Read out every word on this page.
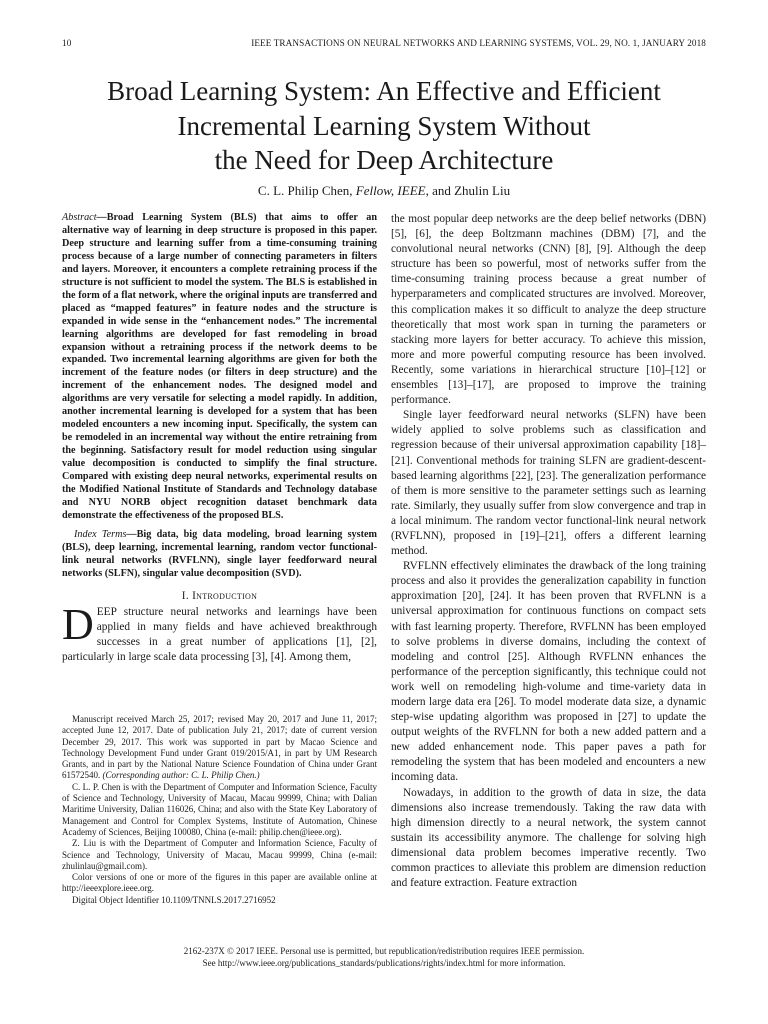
10	IEEE TRANSACTIONS ON NEURAL NETWORKS AND LEARNING SYSTEMS, VOL. 29, NO. 1, JANUARY 2018
Broad Learning System: An Effective and Efficient
Incremental Learning System Without
the Need for Deep Architecture
C. L. Philip Chen, Fellow, IEEE, and Zhulin Liu

Abstract—Broad Learning System (BLS) that aims to offer an alternative way of learning in deep structure is proposed in this paper. Deep structure and learning suffer from a time-consuming training process because of a large number of connecting parameters in filters and layers. Moreover, it encounters a complete retraining process if the structure is not sufficient to model the system. The BLS is established in the form of a flat network, where the original inputs are transferred and placed as “mapped features” in feature nodes and the structure is expanded in wide sense in the “enhancement nodes.” The incremental learning algorithms are developed for fast remodeling in broad expansion without a retraining process if the network deems to be expanded. Two incremental learning algorithms are given for both the increment of the feature nodes (or filters in deep structure) and the increment of the enhancement nodes. The designed model and algorithms are very versatile for selecting a model rapidly. In addition, another incremental learning is developed for a system that has been modeled encounters a new incoming input. Specifically, the system can be remodeled in an incremental way without the entire retraining from the beginning. Satisfactory result for model reduction using singular value decomposition is conducted to simplify the final structure. Compared with existing deep neural networks, experimental results on the Modified National Institute of Standards and Technology database and NYU NORB object recognition dataset benchmark data demonstrate the effectiveness of the proposed BLS.

Index Terms—Big data, big data modeling, broad learning system (BLS), deep learning, incremental learning, random vector functional-link neural networks (RVFLNN), single layer feedforward neural networks (SLFN), singular value decomposition (SVD).

I. Introduction

DEEP structure neural networks and learnings have been applied in many fields and have achieved breakthrough successes in a great number of applications [1], [2], particularly in large scale data processing [3], [4]. Among them,

Manuscript received March 25, 2017; revised May 20, 2017 and June 11, 2017; accepted June 12, 2017. Date of publication July 21, 2017; date of current version December 29, 2017. This work was supported in part by Macao Science and Technology Development Fund under Grant 019/2015/A1, in part by UM Research Grants, and in part by the National Nature Science Foundation of China under Grant 61572540. (Corresponding author: C. L. Philip Chen.)

C. L. P. Chen is with the Department of Computer and Information Science, Faculty of Science and Technology, University of Macau, Macau 99999, China; with Dalian Maritime University, Dalian 116026, China; and also with the State Key Laboratory of Management and Control for Complex Systems, Institute of Automation, Chinese Academy of Sciences, Beijing 100080, China (e-mail: philip.chen@ieee.org).

Z. Liu is with the Department of Computer and Information Science, Faculty of Science and Technology, University of Macau, Macau 99999, China (e-mail: zhulinlau@gmail.com).

Color versions of one or more of the figures in this paper are available online at http://ieeexplore.ieee.org.

Digital Object Identifier 10.1109/TNNLS.2017.2716952

the most popular deep networks are the deep belief networks (DBN) [5], [6], the deep Boltzmann machines (DBM) [7], and the convolutional neural networks (CNN) [8], [9]. Although the deep structure has been so powerful, most of networks suffer from the time-consuming training process because a great number of hyperparameters and complicated structures are involved. Moreover, this complication makes it so difficult to analyze the deep structure theoretically that most work span in turning the parameters or stacking more layers for better accuracy. To achieve this mission, more and more powerful computing resource has been involved. Recently, some variations in hierarchical structure [10]–[12] or ensembles [13]–[17], are proposed to improve the training performance.

Single layer feedforward neural networks (SLFN) have been widely applied to solve problems such as classification and regression because of their universal approximation capability [18]–[21]. Conventional methods for training SLFN are gradient-descent-based learning algorithms [22], [23]. The generalization performance of them is more sensitive to the parameter settings such as learning rate. Similarly, they usually suffer from slow convergence and trap in a local minimum. The random vector functional-link neural network (RVFLNN), proposed in [19]–[21], offers a different learning method.

RVFLNN effectively eliminates the drawback of the long training process and also it provides the generalization capability in function approximation [20], [24]. It has been proven that RVFLNN is a universal approximation for continuous functions on compact sets with fast learning property. Therefore, RVFLNN has been employed to solve problems in diverse domains, including the context of modeling and control [25]. Although RVFLNN enhances the performance of the perception significantly, this technique could not work well on remodeling high-volume and time-variety data in modern large data era [26]. To model moderate data size, a dynamic step-wise updating algorithm was proposed in [27] to update the output weights of the RVFLNN for both a new added pattern and a new added enhancement node. This paper paves a path for remodeling the system that has been modeled and encounters a new incoming data.

Nowadays, in addition to the growth of data in size, the data dimensions also increase tremendously. Taking the raw data with high dimension directly to a neural network, the system cannot sustain its accessibility anymore. The challenge for solving high dimensional data problem becomes imperative recently. Two common practices to alleviate this problem are dimension reduction and feature extraction. Feature extraction

2162-237X © 2017 IEEE. Personal use is permitted, but republication/redistribution requires IEEE permission.
See http://www.ieee.org/publications_standards/publications/rights/index.html for more information.
